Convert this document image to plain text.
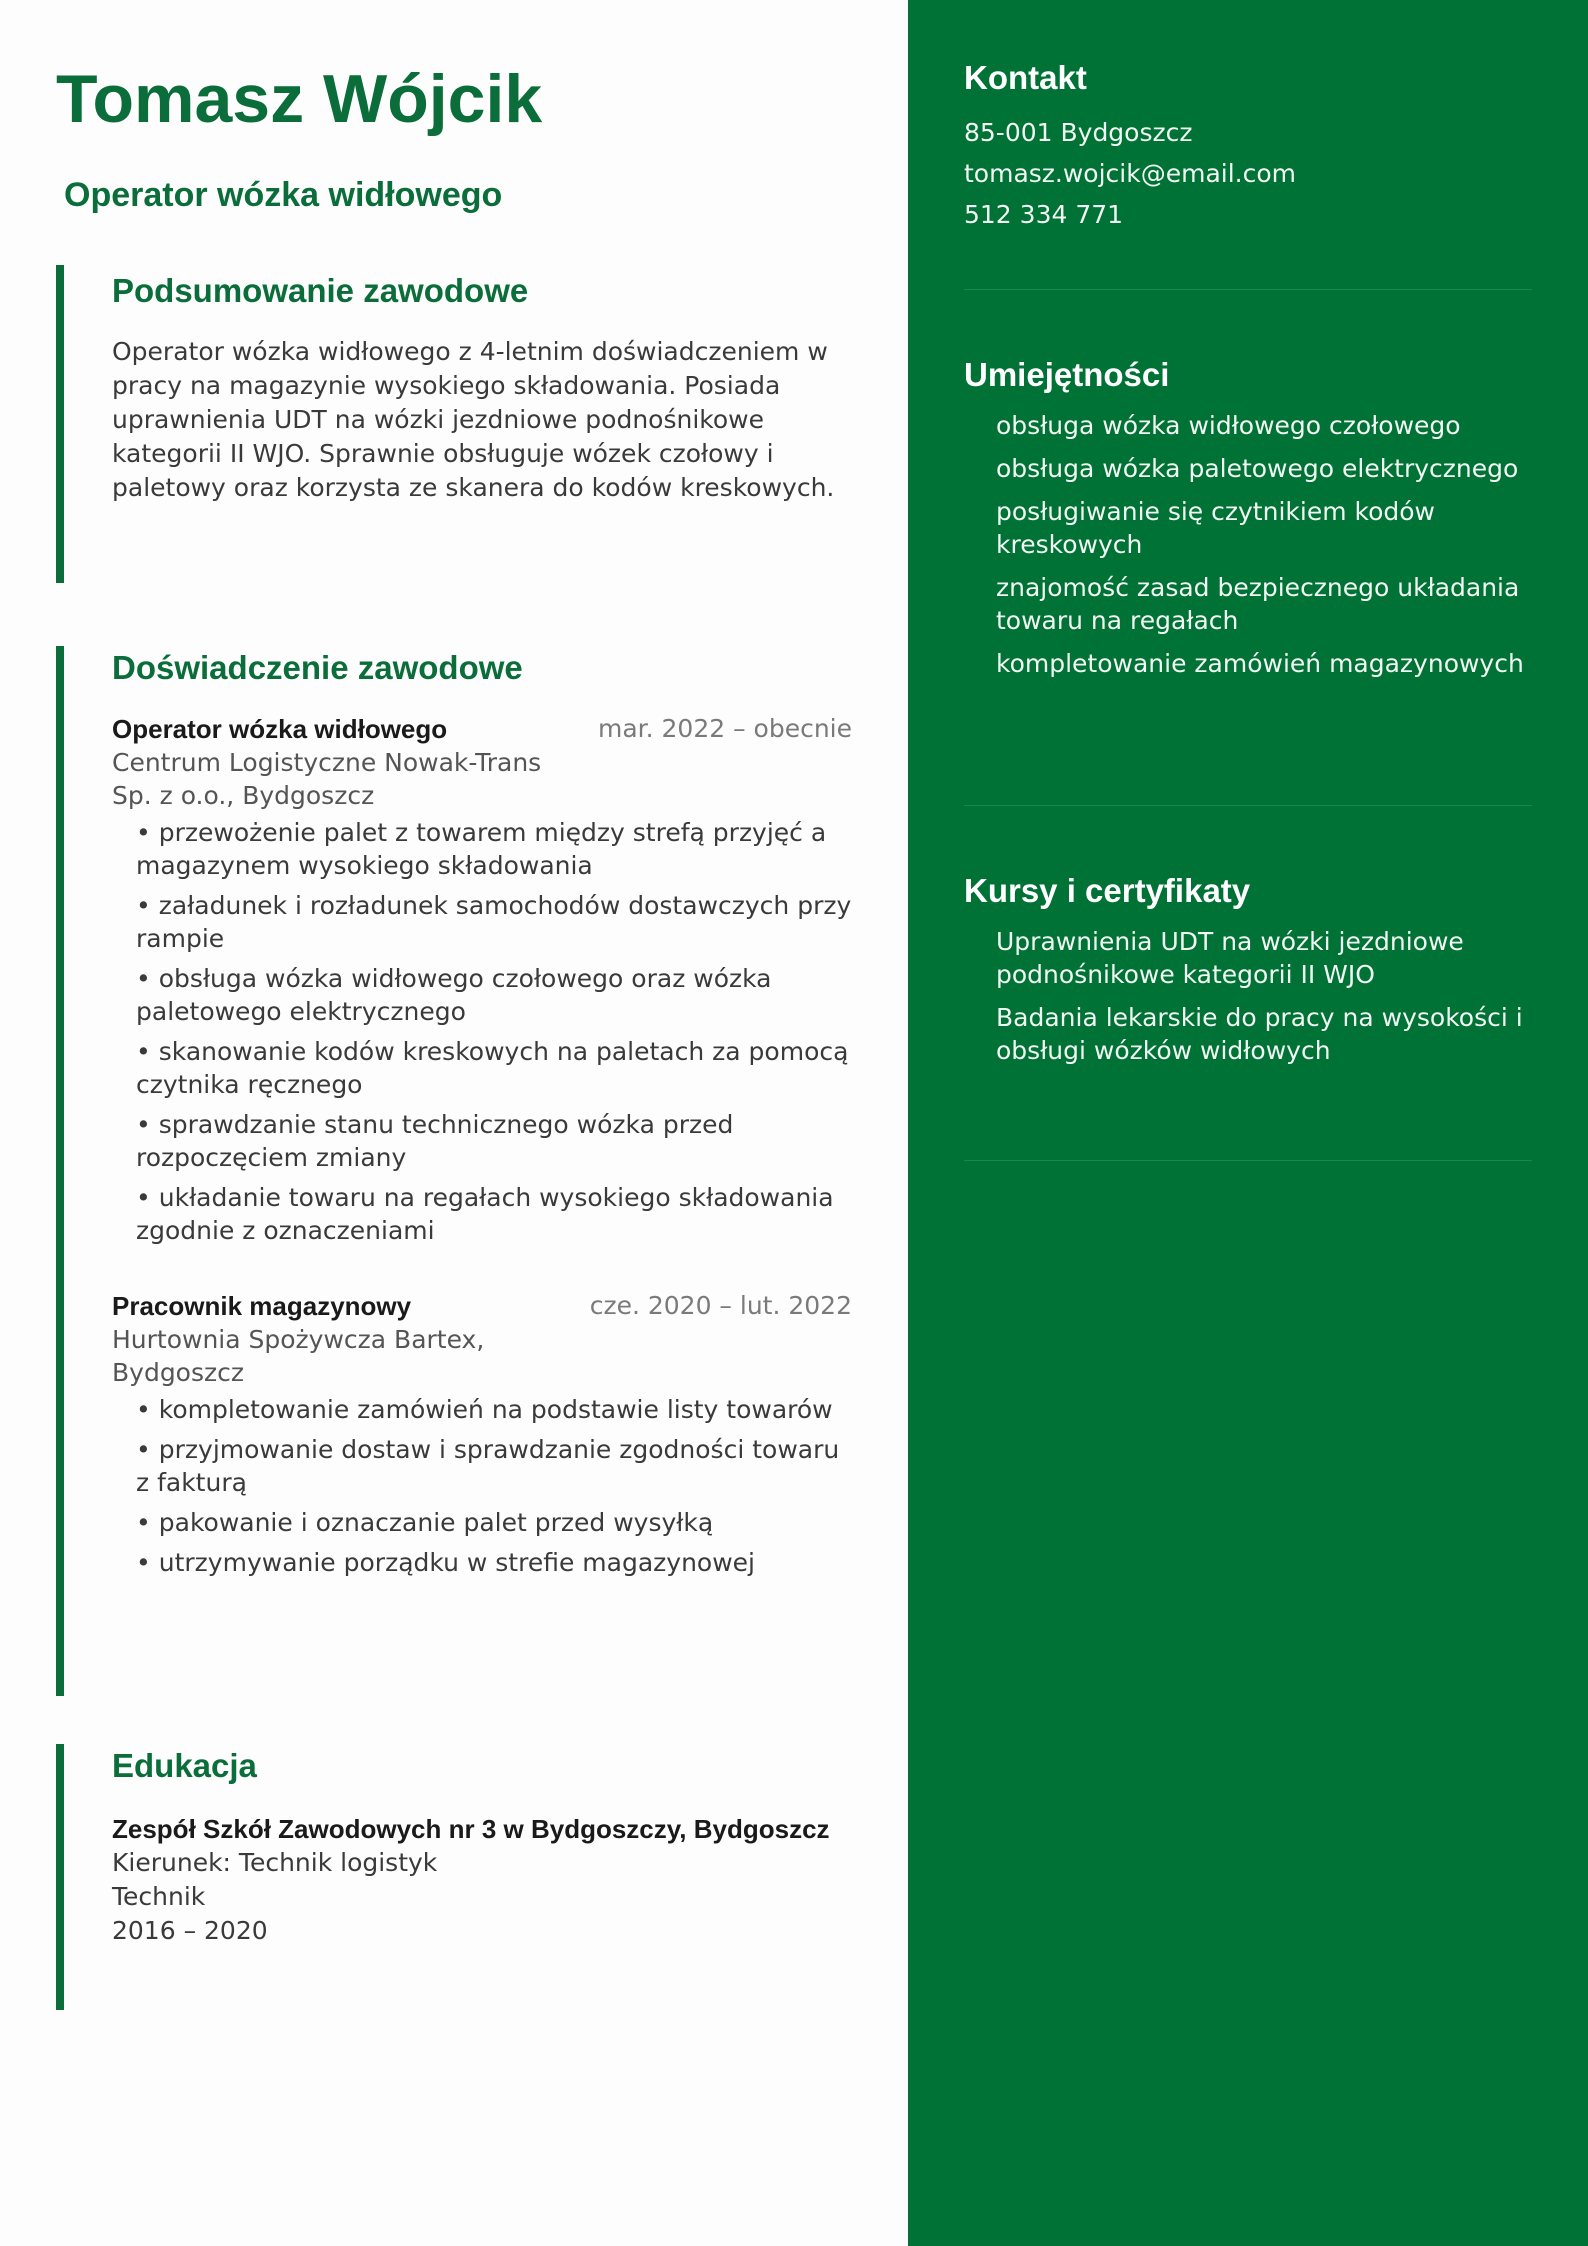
Tomasz Wójcik
Operator wózka widłowego
Podsumowanie zawodowe

Operator wózka widłowego z 4-letnim doświadczeniem w pracy na magazynie wysokiego składowania. Posiada uprawnienia UDT na wózki jezdniowe podnośnikowe kategorii II WJO. Sprawnie obsługuje wózek czołowy i paletowy oraz korzysta ze skanera do kodów kreskowych.

Doświadczenie zawodowe
Operator wózka widłowego	mar. 2022 – obecnie
Centrum Logistyczne Nowak-Trans Sp. z o.o., Bydgoszcz
• przewożenie palet z towarem między strefą przyjęć a magazynem wysokiego składowania
• załadunek i rozładunek samochodów dostawczych przy rampie
• obsługa wózka widłowego czołowego oraz wózka paletowego elektrycznego
• skanowanie kodów kreskowych na paletach za pomocą czytnika ręcznego
• sprawdzanie stanu technicznego wózka przed rozpoczęciem zmiany
• układanie towaru na regałach wysokiego składowania zgodnie z oznaczeniami
Pracownik magazynowy	cze. 2020 – lut. 2022
Hurtownia Spożywcza Bartex, Bydgoszcz
• kompletowanie zamówień na podstawie listy towarów
• przyjmowanie dostaw i sprawdzanie zgodności towaru z fakturą
• pakowanie i oznaczanie palet przed wysyłką
• utrzymywanie porządku w strefie magazynowej
Edukacja
Zespół Szkół Zawodowych nr 3 w Bydgoszczy, Bydgoszcz
Kierunek: Technik logistyk
Technik
2016 – 2020
Kontakt
85-001 Bydgoszcz
tomasz.wojcik@email.com
512 334 771
Umiejętności
obsługa wózka widłowego czołowego
obsługa wózka paletowego elektrycznego
posługiwanie się czytnikiem kodów kreskowych
znajomość zasad bezpiecznego układania towaru na regałach
kompletowanie zamówień magazynowych
Kursy i certyfikaty
Uprawnienia UDT na wózki jezdniowe podnośnikowe kategorii II WJO
Badania lekarskie do pracy na wysokości i obsługi wózków widłowych
